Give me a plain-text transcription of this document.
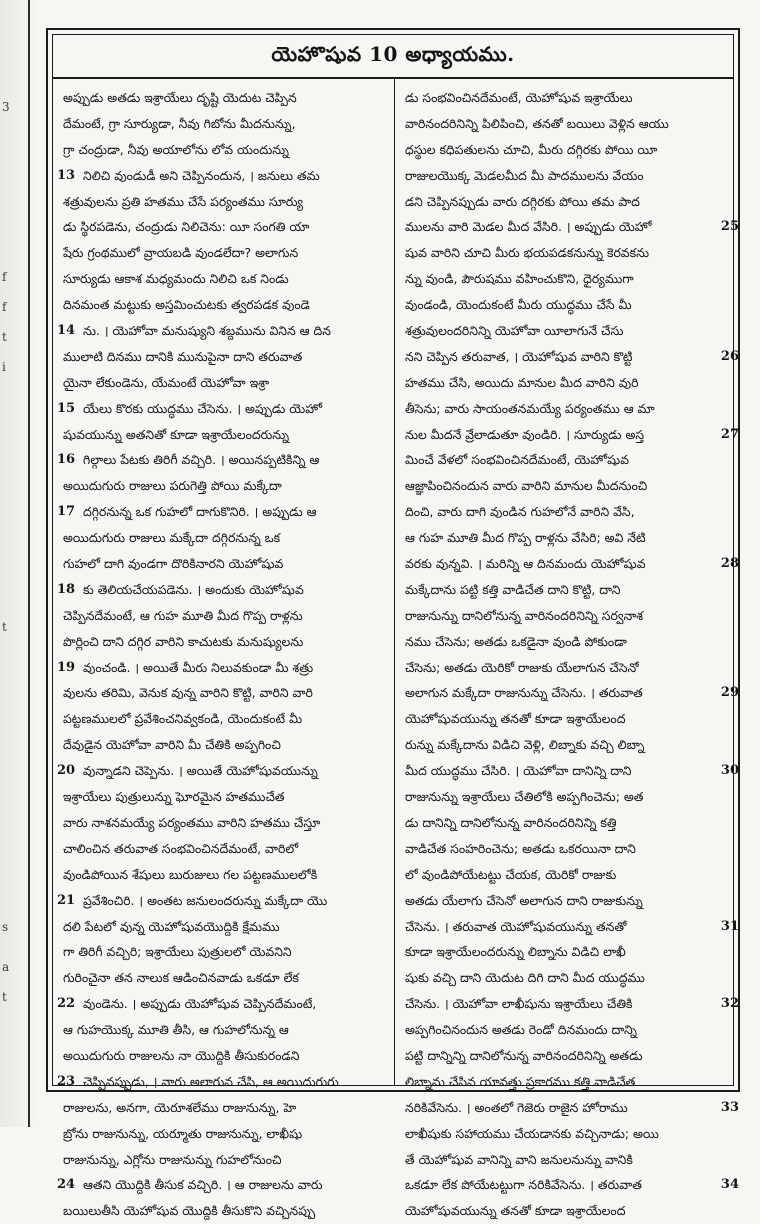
3
f
f
t
i
t
s
a
t
యెహొషువ 10 అధ్యాయము.
అప్పుడు అతడు ఇశ్రాయేలు దృష్టి యెదుట చెప్పిన
దేమంటే, గ్రా సూర్యుడా, నీవు గిబోను మీదనున్ను,
గ్రా చంద్రుడా, నీవు అయాలోను లోవ యందున్ను
13 నిలిచి వుండుడీ అని చెప్పినందున, । జనులు తమ
శత్రువులను ప్రతి హతము చేసే పర్యంతము సూర్యు
డు స్థిరపడెను, చంద్రుడు నిలిచెను: యీ సంగతి యా
షేరు గ్రంథములో వ్రాయబడి వుండలేదా? అలాగున
సూర్యుడు ఆకాశ మధ్యమందు నిలిచి ఒక నిండు
దినమంత మట్టుకు అస్తమించుటకు త్వరపడక వుండె
14 ను. । యెహోవా మనుష్యుని శబ్దమును వినిన ఆ దిన
ములాటి దినము దానికి మునుపైనా దాని తరువాత
యైనా లేకుండెను, యేమంటే యెహోవా ఇశ్రా
15 యేలు కొరకు యుద్ధము చేసెను. । అప్పుడు యెహో
షువయున్ను అతనితో కూడా ఇశ్రాయేలందరున్ను
16 గిల్గాలు పేటకు తిరిగీ వచ్చిరి. । అయినప్పటికిన్ని ఆ
అయిదుగురు రాజులు పరుగెత్తి పోయి మక్కేదా
17 దగ్గిరనున్న ఒక గుహలో దాగుకొనిరి. । అప్పుడు ఆ
అయిదుగురు రాజులు మక్కేదా దగ్గిరనున్న ఒక
గుహలో దాగి వుండగా దొరికినారని యెహోషువ
18 కు తెలియచేయపడెను. । అందుకు యెహోషువ
చెప్పినదేమంటే, ఆ గుహ మూతి మీద గొప్ప రాళ్లను
పొర్లించి దాని దగ్గిర వారిని కాచుటకు మనుష్యులను
19 వుంచండి. । అయితే మీరు నిలువకుండా మీ శత్రు
వులను తరిమి, వెనుక వున్న వారిని కొట్టి, వారిని వారి
పట్టణములలో ప్రవేశించనివ్వకండి, యెందుకంటే మీ
దేవుడైన యెహోవా వారిని మీ చేతికి అప్పగించి
20 వున్నాడని చెప్పెను. । అయితే యెహోషువయున్ను
ఇశ్రాయేలు పుత్రులున్ను ఘోరమైన హతముచేత
వారు నాశనమయ్యే పర్యంతము వారిని హతము చేస్తూ
చాలించిన తరువాత సంభవించినదేమంటే, వారిలో
వుండిపోయిన శేషులు బురుజులు గల పట్టణములలోకి
21 ప్రవేశించిరి. । అంతట జనులందరున్ను మక్కేదా యొ
దలి పేటలో వున్న యెహోషువయొద్దికి క్షేమము
గా తిరిగీ వచ్చిరి; ఇశ్రాయేలు పుత్రులలో యెవనిని
గురించైనా తన నాలుక ఆడించినవాడు ఒకడూ లేక
22 వుండెను. । అప్పుడు యెహోషువ చెప్పినదేమంటే,
ఆ గుహయొక్క మూతి తీసి, ఆ గుహలోనున్న ఆ
అయిదుగురు రాజులను నా యొద్దికి తీసుకురండని
23 చెప్పినప్పుడు, । వారు అలాగున చేసి, ఆ అయిదుగురు
రాజులను, అనగా, యెరూశలేము రాజునున్ను, హె
బ్రోను రాజునున్ను, యర్మూతు రాజునున్ను, లాఖీషు
రాజునున్ను, ఎగ్లోను రాజునున్ను గుహలోనుంచి
24 ఆతని యొద్దికి తీసుక వచ్చిరి. । ఆ రాజులను వారు
బయిలుతీసి యెహోషువ యొద్దికి తీసుకొని వచ్చినప్పు
డు సంభవించినదేమంటే, యెహోషువ ఇశ్రాయేలు
వారినందరినిన్ని పిలిపించి, తనతో బయిలు వెళ్లిన ఆయు
ధస్థుల కధిపతులను చూచి, మీరు దగ్గిరకు పోయి యీ
రాజులయొక్క మెడలమీద మీ పాదములను వేయం
డని చెప్పినప్పుడు వారు దగ్గిరకు పోయి తమ పాద
25
ములను వారి మెడల మీద వేసిరి. । అప్పుడు యెహో
షువ వారిని చూచి మీరు భయపడకనున్ను కెరవకను
న్ను వుండి, పౌరుషము వహించుకొని, ధైర్యముగా
వుండండి, యెందుకంటే మీరు యుద్ధము చేసే మీ
శత్రువులందరినిన్ని యెహోవా యీలాగునే చేసు
26
నని చెప్పిన తరువాత, । యెహోషువ వారిని కొట్టి
హతము చేసి, అయిదు మానుల మీద వారిని వురి
తీసెను; వారు సాయంతనమయ్యే పర్యంతము ఆ మా
27
నుల మీదనే వ్రేలాడుతూ వుండిరి. । సూర్యుడు అస్త
మించే వేళలో సంభవించినదేమంటే, యెహోషువ
ఆజ్ఞాపించినందున వారు వారిని మానుల మీదనుంచి
దించి, వారు దాగి వుండిన గుహలోనే వారిని వేసి,
ఆ గుహ మూతి మీద గొప్ప రాళ్లను వేసిరి; అవి నేటి
28
వరకు వున్నవి. । మరిన్ని ఆ దినమందు యెహోషువ
మక్కేదాను పట్టి కత్తి వాడిచేత దాని కొట్టి, దాని
రాజునున్ను దానిలోనున్న వారినందరినిన్ని సర్వనాశ
నము చేసెను; అతడు ఒకడైనా వుండి పోకుండా
చేసెను; అతడు యెరికో రాజుకు యేలాగున చేసెనో
29
అలాగున మక్కేదా రాజునున్ను చేసెను. । తరువాత
యెహోషువయున్ను తనతో కూడా ఇశ్రాయేలంద
రున్ను మక్కేదాను విడిచి వెళ్లి, లిబ్నాకు వచ్చి లిబ్నా
30
మీద యుద్ధము చేసిరి. । యెహోవా దానిన్ని దాని
రాజునున్ను ఇశ్రాయేలు చేతిలోకి అప్పగించెను; అత
డు దానిన్ని దానిలోనున్న వారినందరినిన్ని కత్తి
వాడిచేత సంహరించెను; అతడు ఒకరయినా దాని
లో వుండిపోయేటట్టు చేయక, యెరికో రాజుకు
అతడు యేలాగు చేసెనో అలాగున దాని రాజుకున్ను
31
చేసెను. । తరువాత యెహోషువయున్ను తనతో
కూడా ఇశ్రాయేలందరున్ను లిబ్నాను విడిచి లాఖీ
షుకు వచ్చి దాని యెదుట దిగి దాని మీద యుద్ధము
32
చేసెను. । యెహోవా లాఖీషును ఇశ్రాయేలు చేతికి
అప్పగించినందున అతడు రెండో దినమందు దాన్ని
పట్టి దాన్నిన్ని దానిలోనున్న వారినందరినిన్ని అతడు
లిబ్నాను చేసిన యావత్తు ప్రకారము కత్తి వాడిచేత
33
నరికివేసెను. । అంతలో గెజెరు రాజైన హోరాము
లాఖీషుకు సహాయము చేయడానకు వచ్చినాడు; అయి
తే యెహోషువ వానిన్ని వాని జనులనున్ను వానికి
34
ఒకడూ లేక పోయేటట్టుగా నరికివేసెను. । తరువాత
యెహోషువయున్ను తనతో కూడా ఇశ్రాయేలంద
